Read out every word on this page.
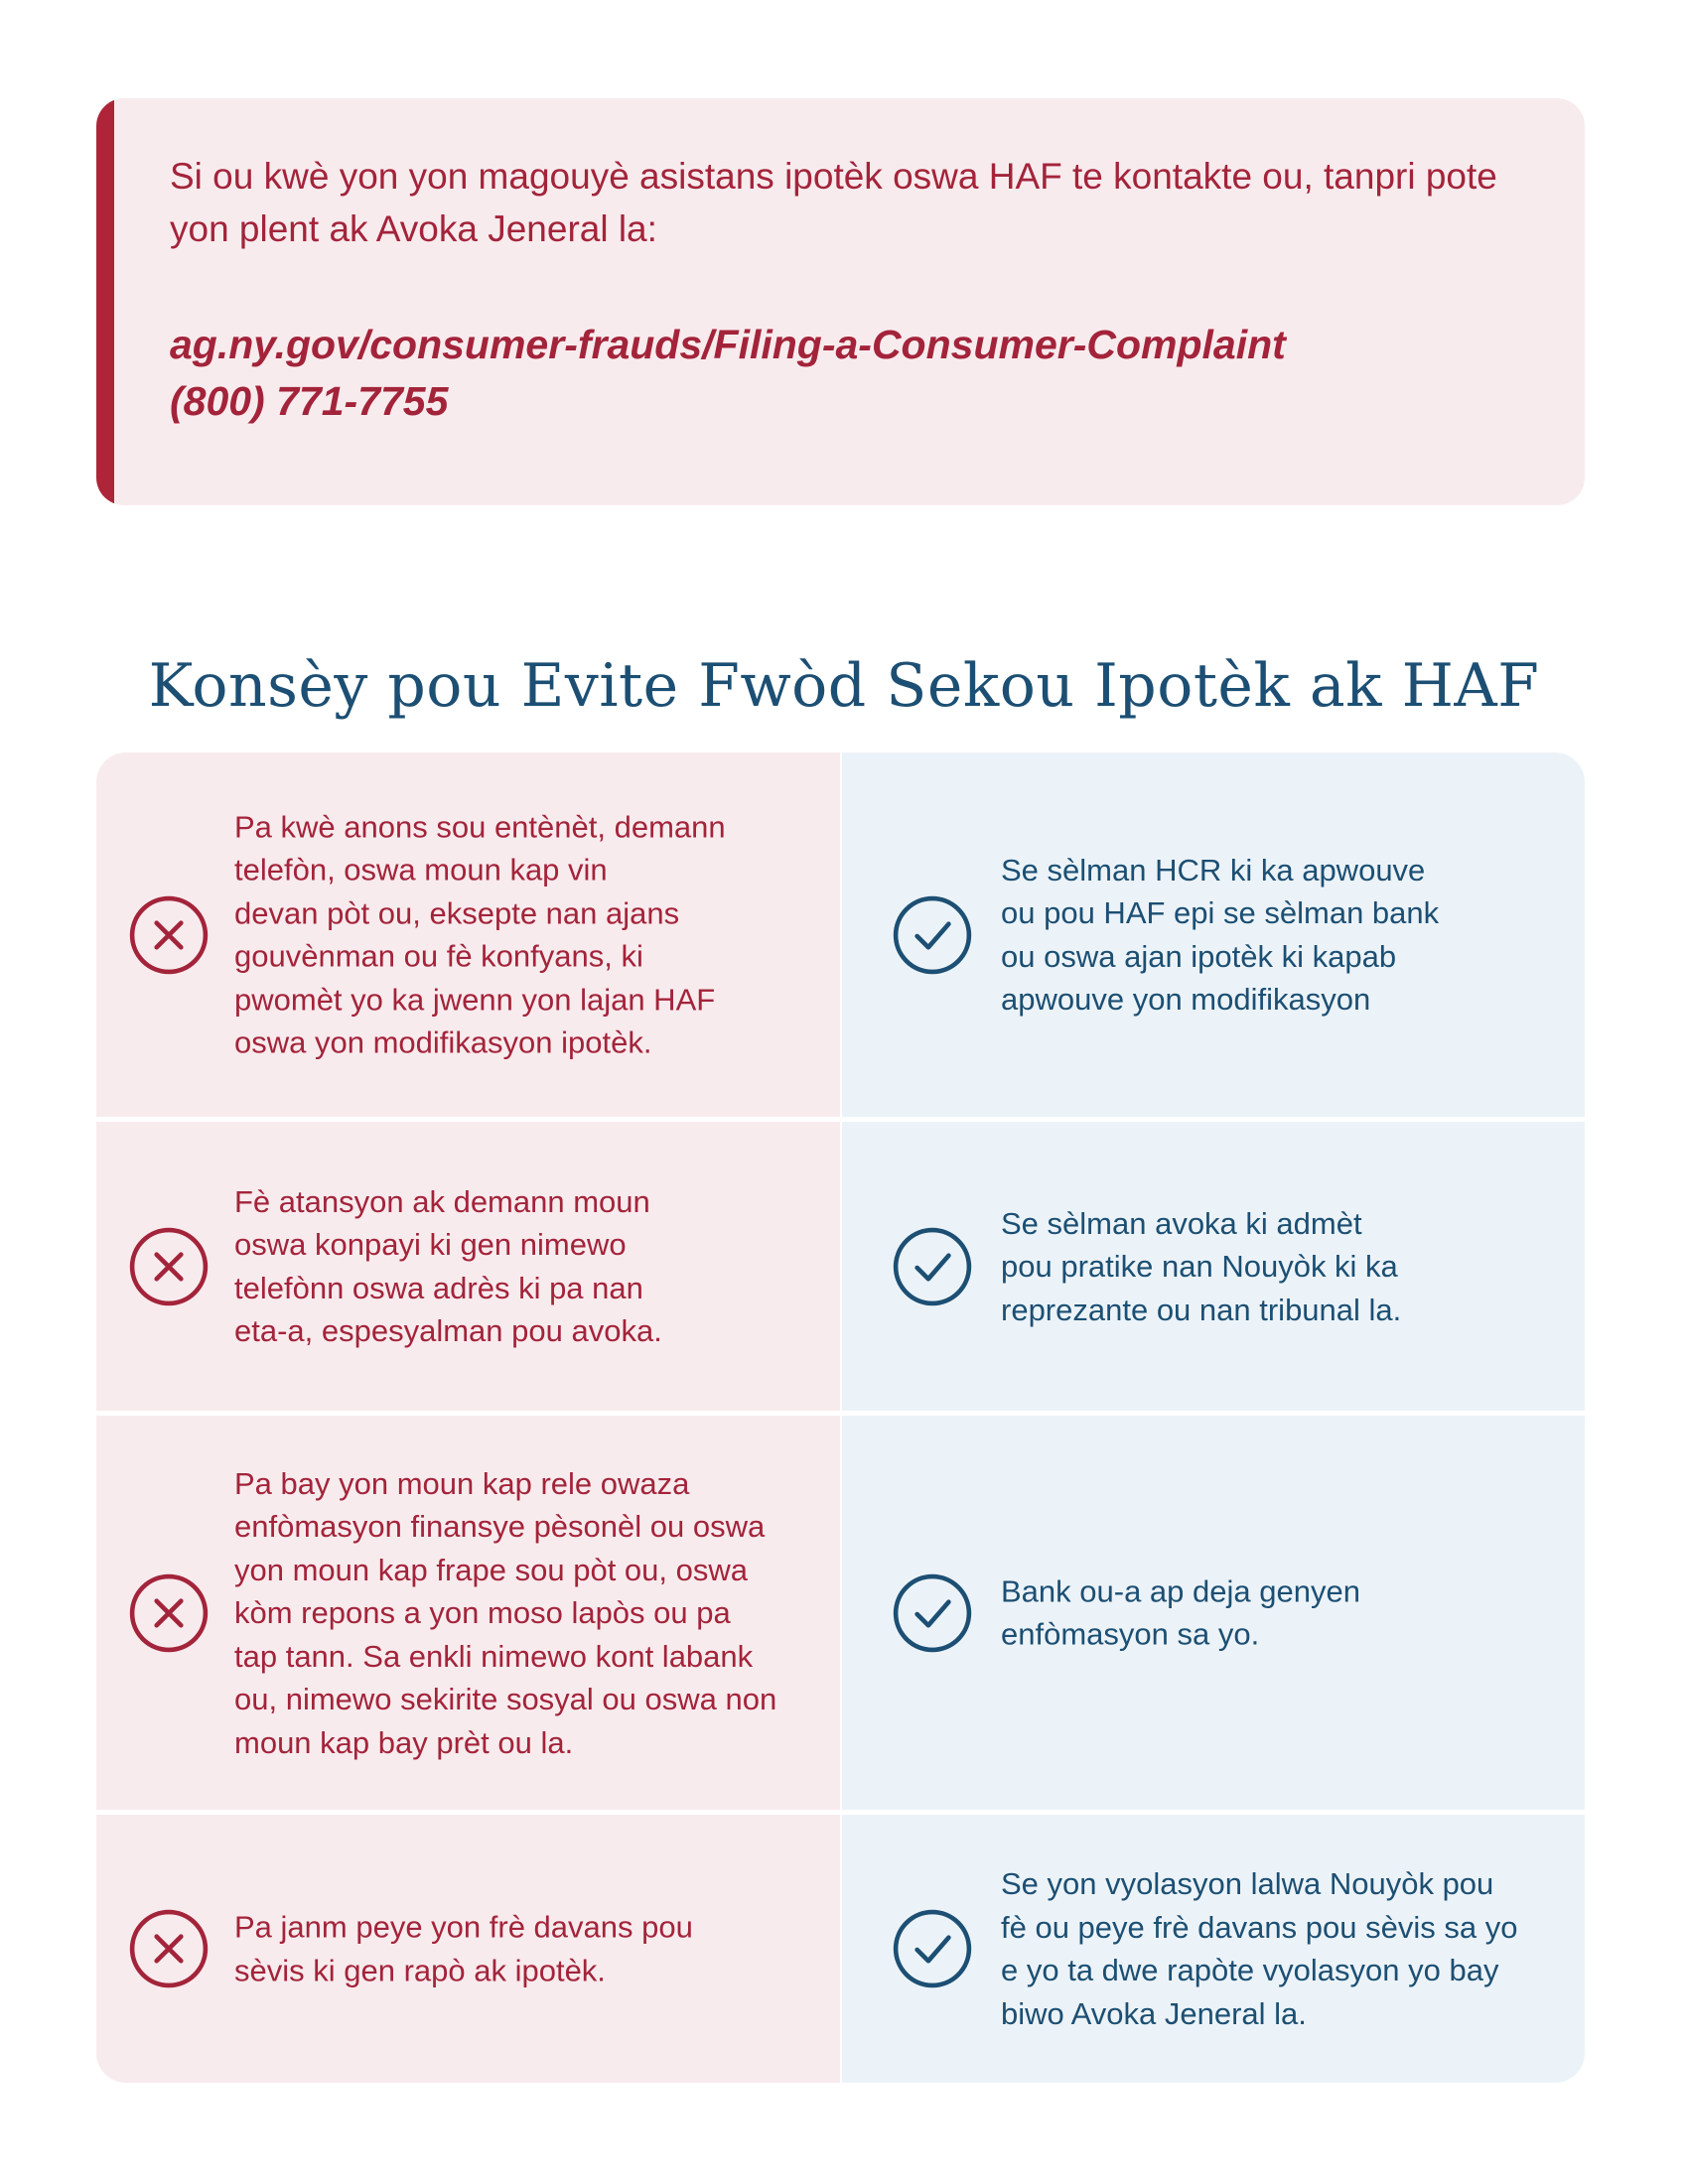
Si ou kwè yon yon magouyè asistans ipotèk oswa HAF te kontakte ou, tanpri pote yon plent ak Avoka Jeneral la:
ag.ny.gov/consumer-frauds/Filing-a-Consumer-Complaint
(800) 771-7755
Konsèy pou Evite Fwòd Sekou Ipotèk ak HAF
Pa kwè anons sou entènèt, demann
telefòn, oswa moun kap vin
devan pòt ou, eksepte nan ajans
gouvènman ou fè konfyans, ki
pwomèt yo ka jwenn yon lajan HAF
oswa yon modifikasyon ipotèk.
Se sèlman HCR ki ka apwouve
ou pou HAF epi se sèlman bank
ou oswa ajan ipotèk ki kapab
apwouve yon modifikasyon
Fè atansyon ak demann moun
oswa konpayi ki gen nimewo
telefònn oswa adrès ki pa nan
eta-a, espesyalman pou avoka.
Se sèlman avoka ki admèt
pou pratike nan Nouyòk ki ka
reprezante ou nan tribunal la.
Pa bay yon moun kap rele owaza
enfòmasyon finansye pèsonèl ou oswa
yon moun kap frape sou pòt ou, oswa
kòm repons a yon moso lapòs ou pa
tap tann. Sa enkli nimewo kont labank
ou, nimewo sekirite sosyal ou oswa non
moun kap bay prèt ou la.
Bank ou-a ap deja genyen
enfòmasyon sa yo.
Pa janm peye yon frè davans pou
sèvis ki gen rapò ak ipotèk.
Se yon vyolasyon lalwa Nouyòk pou
fè ou peye frè davans pou sèvis sa yo
e yo ta dwe rapòte vyolasyon yo bay
biwo Avoka Jeneral la.
